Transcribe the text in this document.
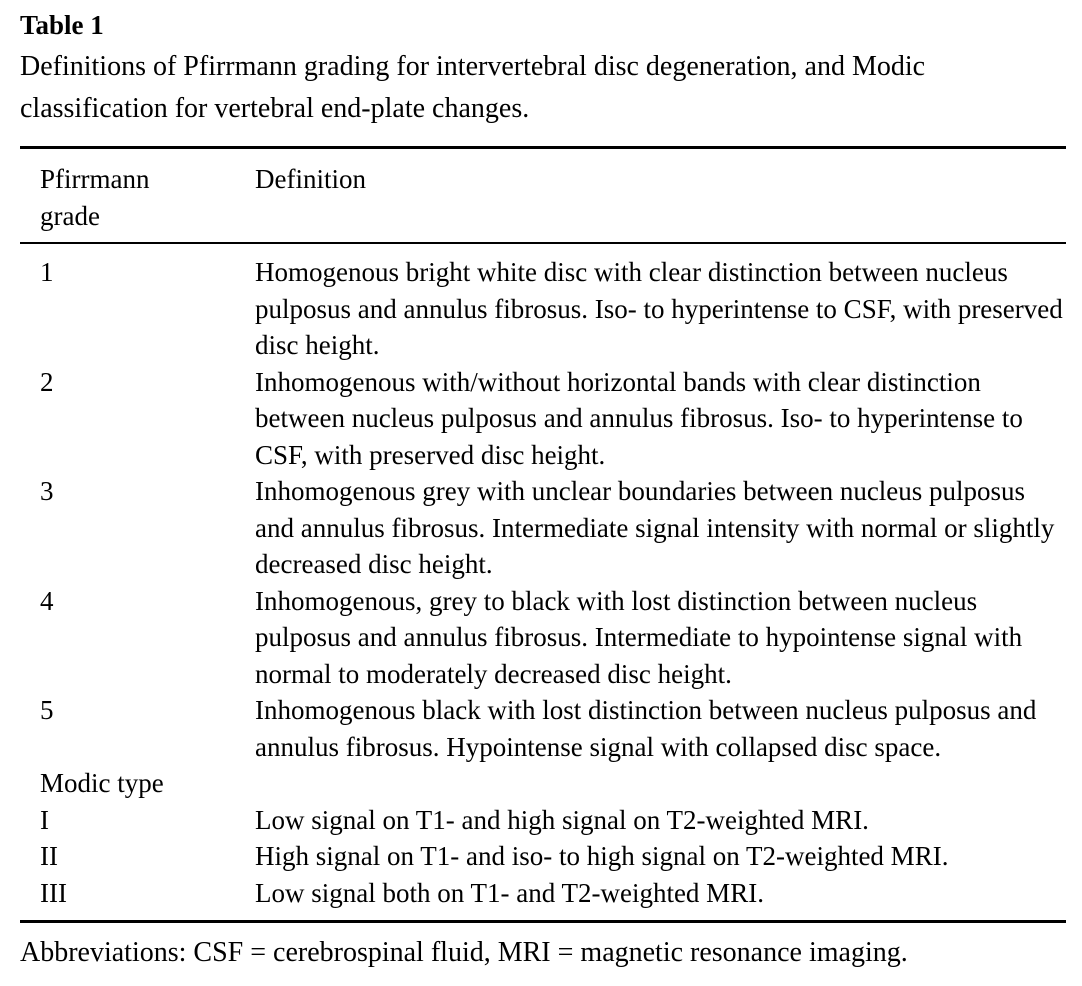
Table 1

Definitions of Pfirrmann grading for intervertebral disc degeneration, and Modic classification for vertebral end-plate changes.

Pfirrmann grade	Definition
1	Homogenous bright white disc with clear distinction between nucleus pulposus and annulus fibrosus. Iso- to hyperintense to CSF, with preserved disc height.
2	Inhomogenous with/without horizontal bands with clear distinction between nucleus pulposus and annulus fibrosus. Iso- to hyperintense to CSF, with preserved disc height.
3	Inhomogenous grey with unclear boundaries between nucleus pulposus and annulus fibrosus. Intermediate signal intensity with normal or slightly decreased disc height.
4	Inhomogenous, grey to black with lost distinction between nucleus pulposus and annulus fibrosus. Intermediate to hypointense signal with normal to moderately decreased disc height.
5	Inhomogenous black with lost distinction between nucleus pulposus and annulus fibrosus. Hypointense signal with collapsed disc space.
Modic type	
I	Low signal on T1- and high signal on T2-weighted MRI.
II	High signal on T1- and iso- to high signal on T2-weighted MRI.
III	Low signal both on T1- and T2-weighted MRI.

Abbreviations: CSF = cerebrospinal fluid, MRI = magnetic resonance imaging.
